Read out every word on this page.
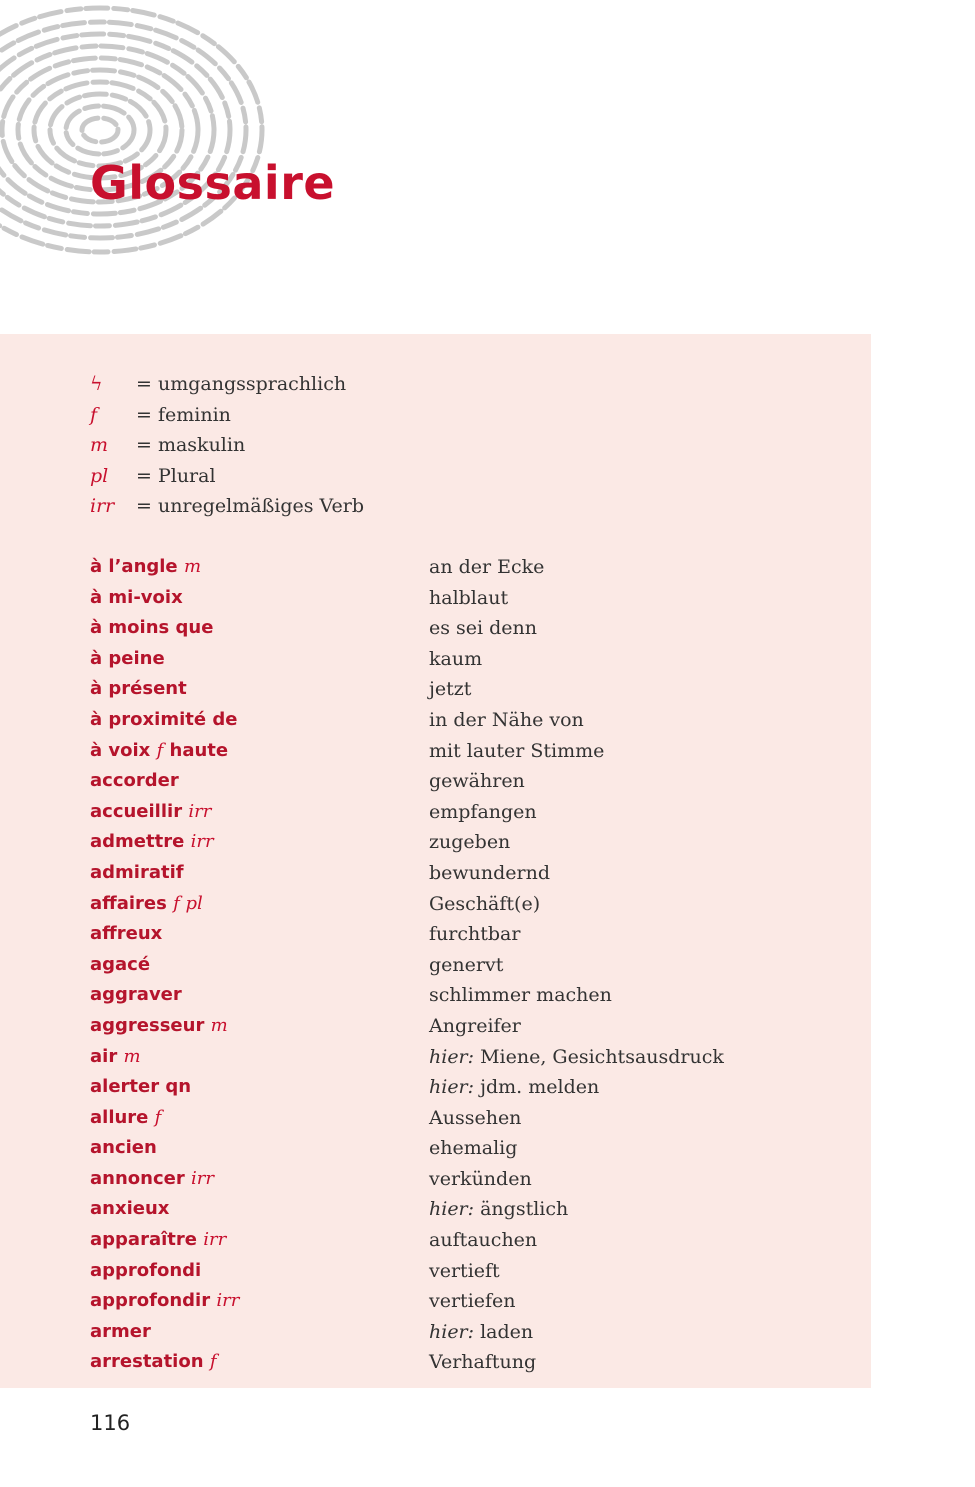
Glossaire
ϟ = umgangssprachlich
f = feminin
m = maskulin
pl = Plural
irr = unregelmäßiges Verb
à l’angle m	an der Ecke
à mi-voix	halblaut
à moins que	es sei denn
à peine	kaum
à présent	jetzt
à proximité de	in der Nähe von
à voix f haute	mit lauter Stimme
accorder	gewähren
accueillir irr	empfangen
admettre irr	zugeben
admiratif	bewundernd
affaires f pl	Geschäft(e)
affreux	furchtbar
agacé	genervt
aggraver	schlimmer machen
aggresseur m	Angreifer
air m	hier: Miene, Gesichtsausdruck
alerter qn	hier: jdm. melden
allure f	Aussehen
ancien	ehemalig
annoncer irr	verkünden
anxieux	hier: ängstlich
apparaître irr	auftauchen
approfondi	vertieft
approfondir irr	vertiefen
armer	hier: laden
arrestation f	Verhaftung
116
